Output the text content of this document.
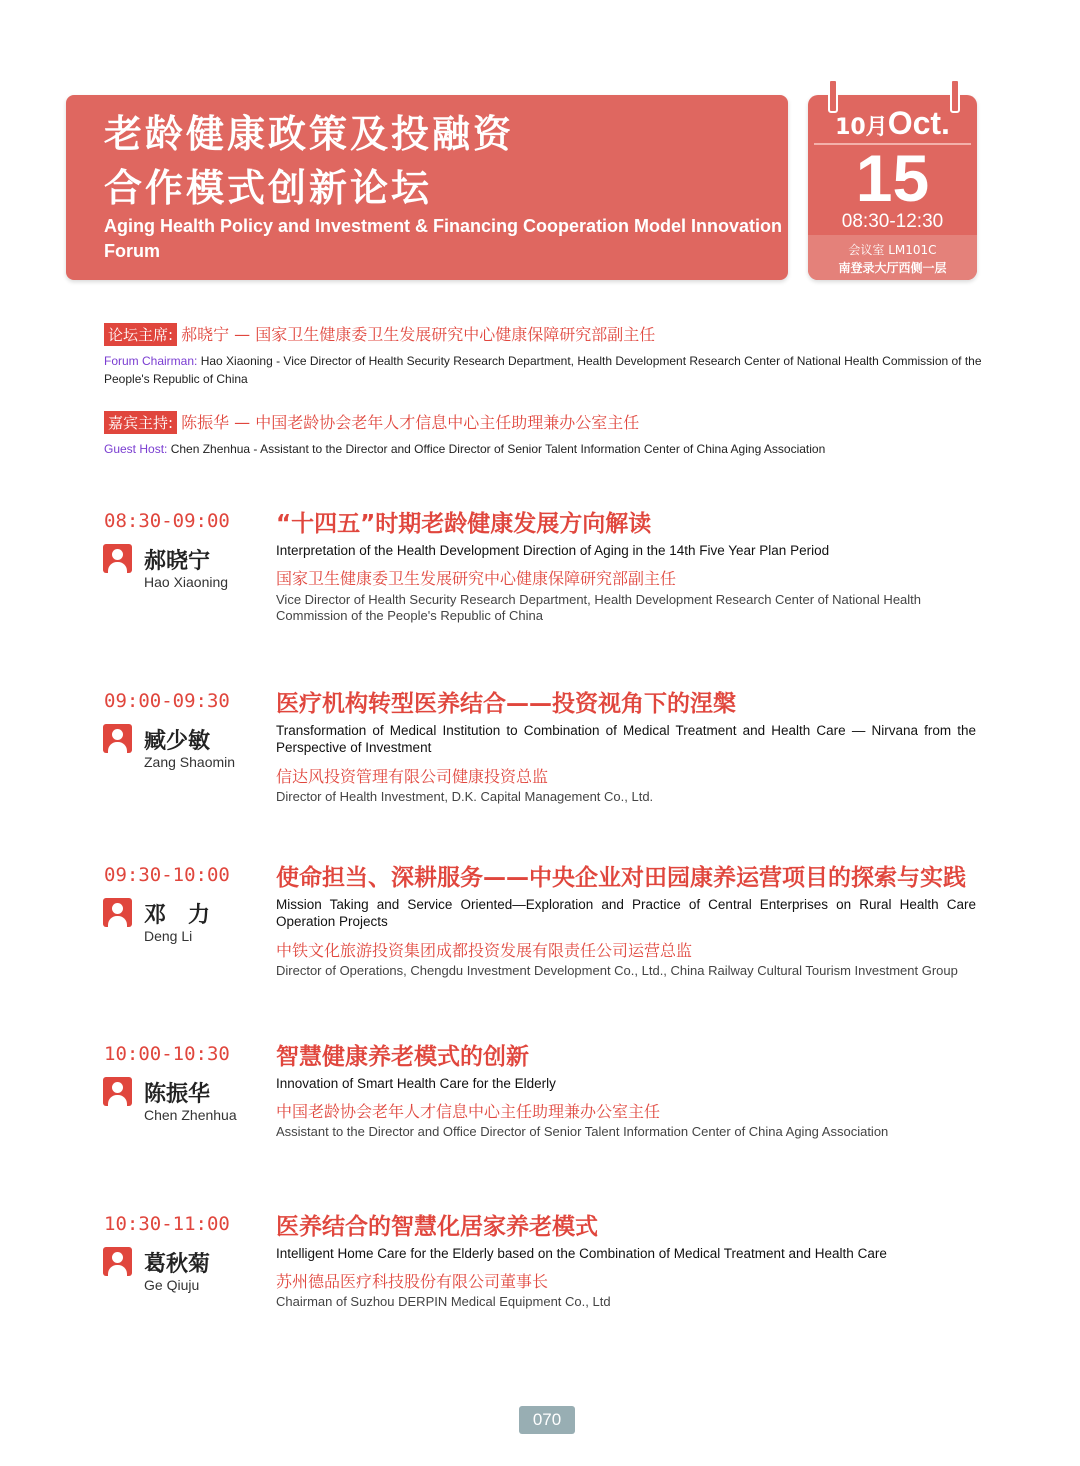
老龄健康政策及投融资
合作模式创新论坛
Aging Health Policy and Investment & Financing Cooperation Model Innovation Forum
10月Oct.
15
08:30-12:30
会议室 LM101C
南登录大厅西侧一层
论坛主席: 郝晓宁 — 国家卫生健康委卫生发展研究中心健康保障研究部副主任
Forum Chairman: Hao Xiaoning - Vice Director of Health Security Research Department, Health Development Research Center of National Health Commission of the People's Republic of China
嘉宾主持: 陈振华 — 中国老龄协会老年人才信息中心主任助理兼办公室主任
Guest Host: Chen Zhenhua - Assistant to the Director and Office Director of Senior Talent Information Center of China Aging Association
08:30-09:00
郝晓宁
Hao Xiaoning
“十四五”时期老龄健康发展方向解读
Interpretation of the Health Development Direction of Aging in the 14th Five Year Plan Period
国家卫生健康委卫生发展研究中心健康保障研究部副主任
Vice Director of Health Security Research Department, Health Development Research Center of National Health Commission of the People's Republic of China
09:00-09:30
臧少敏
Zang Shaomin
医疗机构转型医养结合——投资视角下的涅槃
Transformation of Medical Institution to Combination of Medical Treatment and Health Care — Nirvana from the Perspective of Investment
信达风投资管理有限公司健康投资总监
Director of Health Investment, D.K. Capital Management Co., Ltd.
09:30-10:00
邓　力
Deng Li
使命担当、深耕服务——中央企业对田园康养运营项目的探索与实践
Mission Taking and Service Oriented—Exploration and Practice of Central Enterprises on Rural Health Care Operation Projects
中铁文化旅游投资集团成都投资发展有限责任公司运营总监
Director of Operations, Chengdu Investment Development Co., Ltd., China Railway Cultural Tourism Investment Group
10:00-10:30
陈振华
Chen Zhenhua
智慧健康养老模式的创新
Innovation of Smart Health Care for the Elderly
中国老龄协会老年人才信息中心主任助理兼办公室主任
Assistant to the Director and Office Director of Senior Talent Information Center of China Aging Association
10:30-11:00
葛秋菊
Ge Qiuju
医养结合的智慧化居家养老模式
Intelligent Home Care for the Elderly based on the Combination of Medical Treatment and Health Care
苏州德品医疗科技股份有限公司董事长
Chairman of Suzhou DERPIN Medical Equipment Co., Ltd
070
